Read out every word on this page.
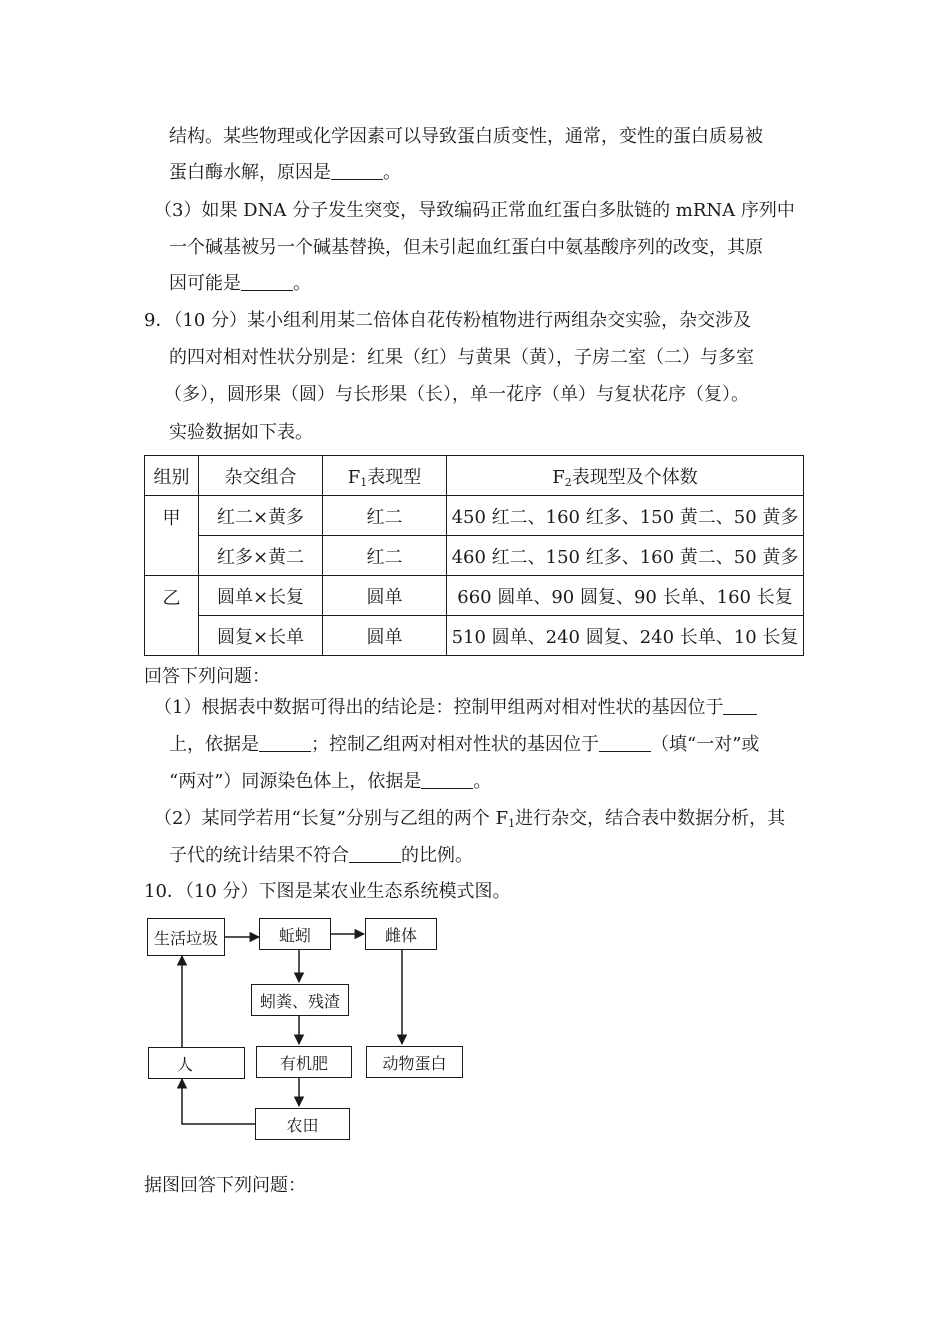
结构。某些物理或化学因素可以导致蛋白质变性，通常，变性的蛋白质易被
蛋白酶水解，原因是	。
（3）如果 DNA 分子发生突变，导致编码正常血红蛋白多肽链的 mRNA 序列中
一个碱基被另一个碱基替换，但未引起血红蛋白中氨基酸序列的改变，其原
因可能是	。
9．（10 分）某小组利用某二倍体自花传粉植物进行两组杂交实验，杂交涉及
的四对相对性状分别是：红果（红）与黄果（黄），子房二室（二）与多室
（多），圆形果（圆）与长形果（长），单一花序（单）与复状花序（复）。
实验数据如下表。
组别	杂交组合	$F_1$表现型	$F_2$表现型及个体数
甲	红二×黄多	红二	450 红二、160 红多、150 黄二、50 黄多
	红多×黄二	红二	460 红二、150 红多、160 黄二、50 黄多
乙	圆单×长复	圆单	660 圆单、90 圆复、90 长单、160 长复
	圆复×长单	圆单	510 圆单、240 圆复、240 长单、10 长复
回答下列问题：
（1）根据表中数据可得出的结论是：控制甲组两对相对性状的基因位于
上，依据是	；控制乙组两对相对性状的基因位于	（填“一对”或
“两对”）同源染色体上，依据是	。
（2）某同学若用“长复”分别与乙组的两个 $F_1$进行杂交，结合表中数据分析，其
子代的统计结果不符合	的比例。
10．（10 分）下图是某农业生态系统模式图。
生活垃圾	蚯蚓	雌体
蚓粪、残渣
人	有机肥	动物蛋白
农田
据图回答下列问题：
